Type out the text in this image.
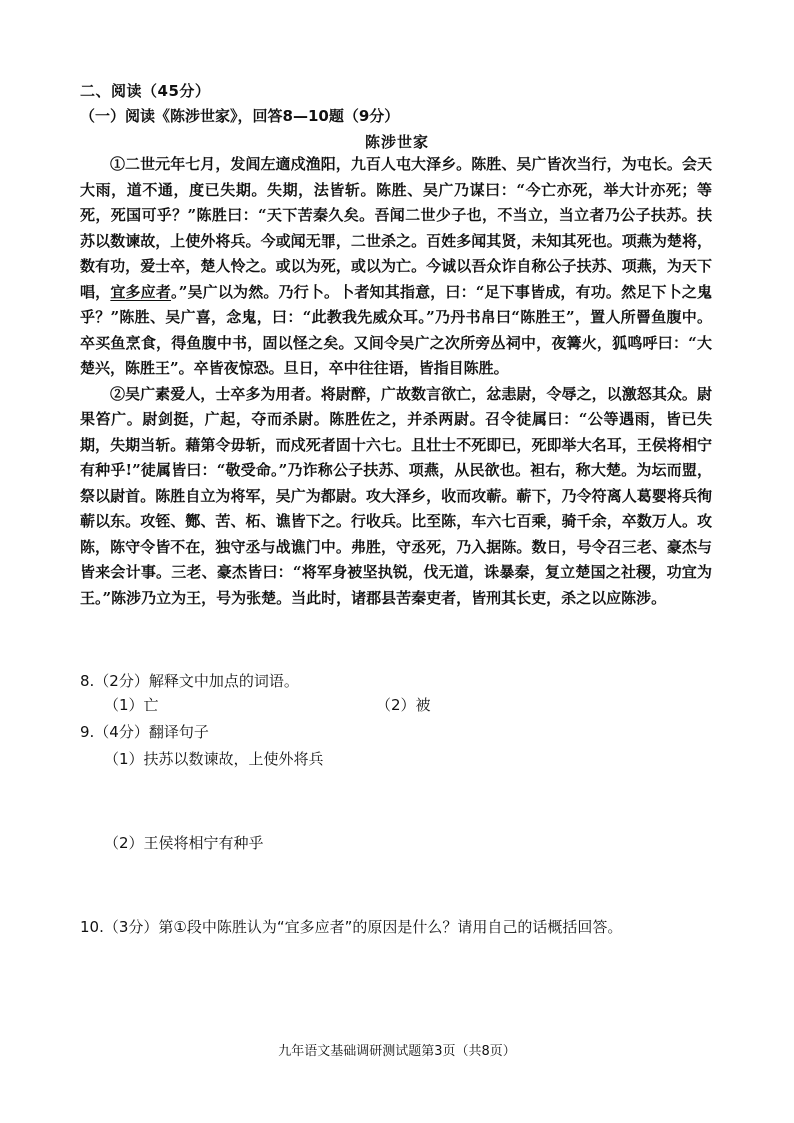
二、阅读（45分）
（一）阅读《陈涉世家》，回答8—10题（9分）
陈涉世家

①二世元年七月，发闾左適戍渔阳，九百人屯大泽乡。陈胜、吴广皆次当行，为屯长。会天大雨，道不通，度已失期。失期，法皆斩。陈胜、吴广乃谋曰：“今亡亦死，举大计亦死；等死，死国可乎？”陈胜曰：“天下苦秦久矣。吾闻二世少子也，不当立，当立者乃公子扶苏。扶苏以数谏故，上使外将兵。今或闻无罪，二世杀之。百姓多闻其贤，未知其死也。项燕为楚将，数有功，爱士卒，楚人怜之。或以为死，或以为亡。今诚以吾众诈自称公子扶苏、项燕，为天下唱，宜多应者。”吴广以为然。乃行卜。卜者知其指意，曰：“足下事皆成，有功。然足下卜之鬼乎？”陈胜、吴广喜，念鬼，曰：“此教我先威众耳。”乃丹书帛曰“陈胜王”，置人所罾鱼腹中。卒买鱼烹食，得鱼腹中书，固以怪之矣。又间令吴广之次所旁丛祠中，夜篝火，狐鸣呼曰：“大楚兴，陈胜王”。卒皆夜惊恐。旦日，卒中往往语，皆指目陈胜。

②吴广素爱人，士卒多为用者。将尉醉，广故数言欲亡，忿恚尉，令辱之，以激怒其众。尉果笞广。尉剑挺，广起，夺而杀尉。陈胜佐之，并杀两尉。召令徒属曰：“公等遇雨，皆已失期，失期当斩。藉第令毋斩，而戍死者固十六七。且壮士不死即已，死即举大名耳，王侯将相宁有种乎!”徒属皆曰：“敬受命。”乃诈称公子扶苏、项燕，从民欲也。袒右，称大楚。为坛而盟，祭以尉首。陈胜自立为将军，吴广为都尉。攻大泽乡，收而攻蕲。蕲下，乃令符离人葛婴将兵徇蕲以东。攻铚、酂、苦、柘、谯皆下之。行收兵。比至陈，车六七百乘，骑千余，卒数万人。攻陈，陈守令皆不在，独守丞与战谯门中。弗胜，守丞死，乃入据陈。数日，号令召三老、豪杰与皆来会计事。三老、豪杰皆曰：“将军身被坚执锐，伐无道，诛暴秦，复立楚国之社稷，功宜为王。”陈涉乃立为王，号为张楚。当此时，诸郡县苦秦吏者，皆刑其长吏，杀之以应陈涉。

8.（2分）解释文中加点的词语。
（1）亡	（2）被
9.（4分）翻译句子
（1）扶苏以数谏故，上使外将兵
（2）王侯将相宁有种乎
10.（3分）第①段中陈胜认为“宜多应者”的原因是什么？请用自己的话概括回答。
九年语文基础调研测试题第3页（共8页）
